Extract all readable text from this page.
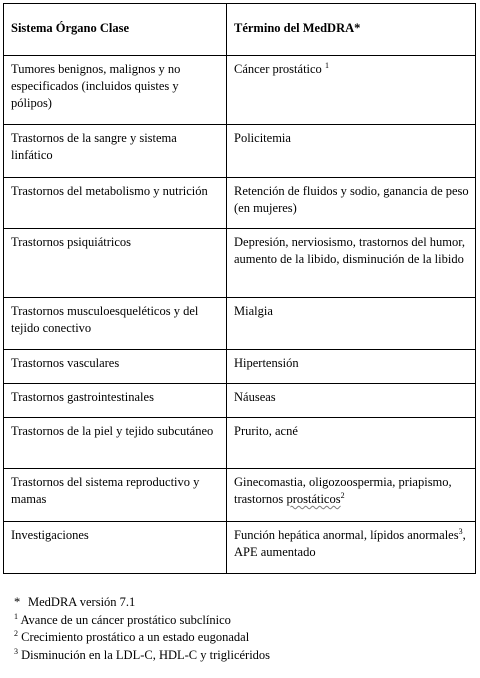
Sistema Órgano Clase	Término del MedDRA*
Tumores benignos, malignos y no especificados (incluidos quistes y pólipos)	Cáncer prostático $^1$
Trastornos de la sangre y sistema linfático	Policitemia
Trastornos del metabolismo y nutrición	Retención de fluidos y sodio, ganancia de peso (en mujeres)
Trastornos psiquiátricos	Depresión, nerviosismo, trastornos del humor, aumento de la libido, disminución de la libido
Trastornos musculoesqueléticos y del tejido conectivo	Mialgia
Trastornos vasculares	Hipertensión
Trastornos gastrointestinales	Náuseas
Trastornos de la piel y tejido subcutáneo	Prurito, acné
Trastornos del sistema reproductivo y mamas	Ginecomastia, oligozoospermia, priapismo, trastornos prostáticos$^2$
Investigaciones	Función hepática anormal, lípidos anormales$^3$, APE aumentado
* MedDRA versión 7.1
$^1$ Avance de un cáncer prostático subclínico
$^2$ Crecimiento prostático a un estado eugonadal
$^3$ Disminución en la LDL-C, HDL-C y triglicéridos
